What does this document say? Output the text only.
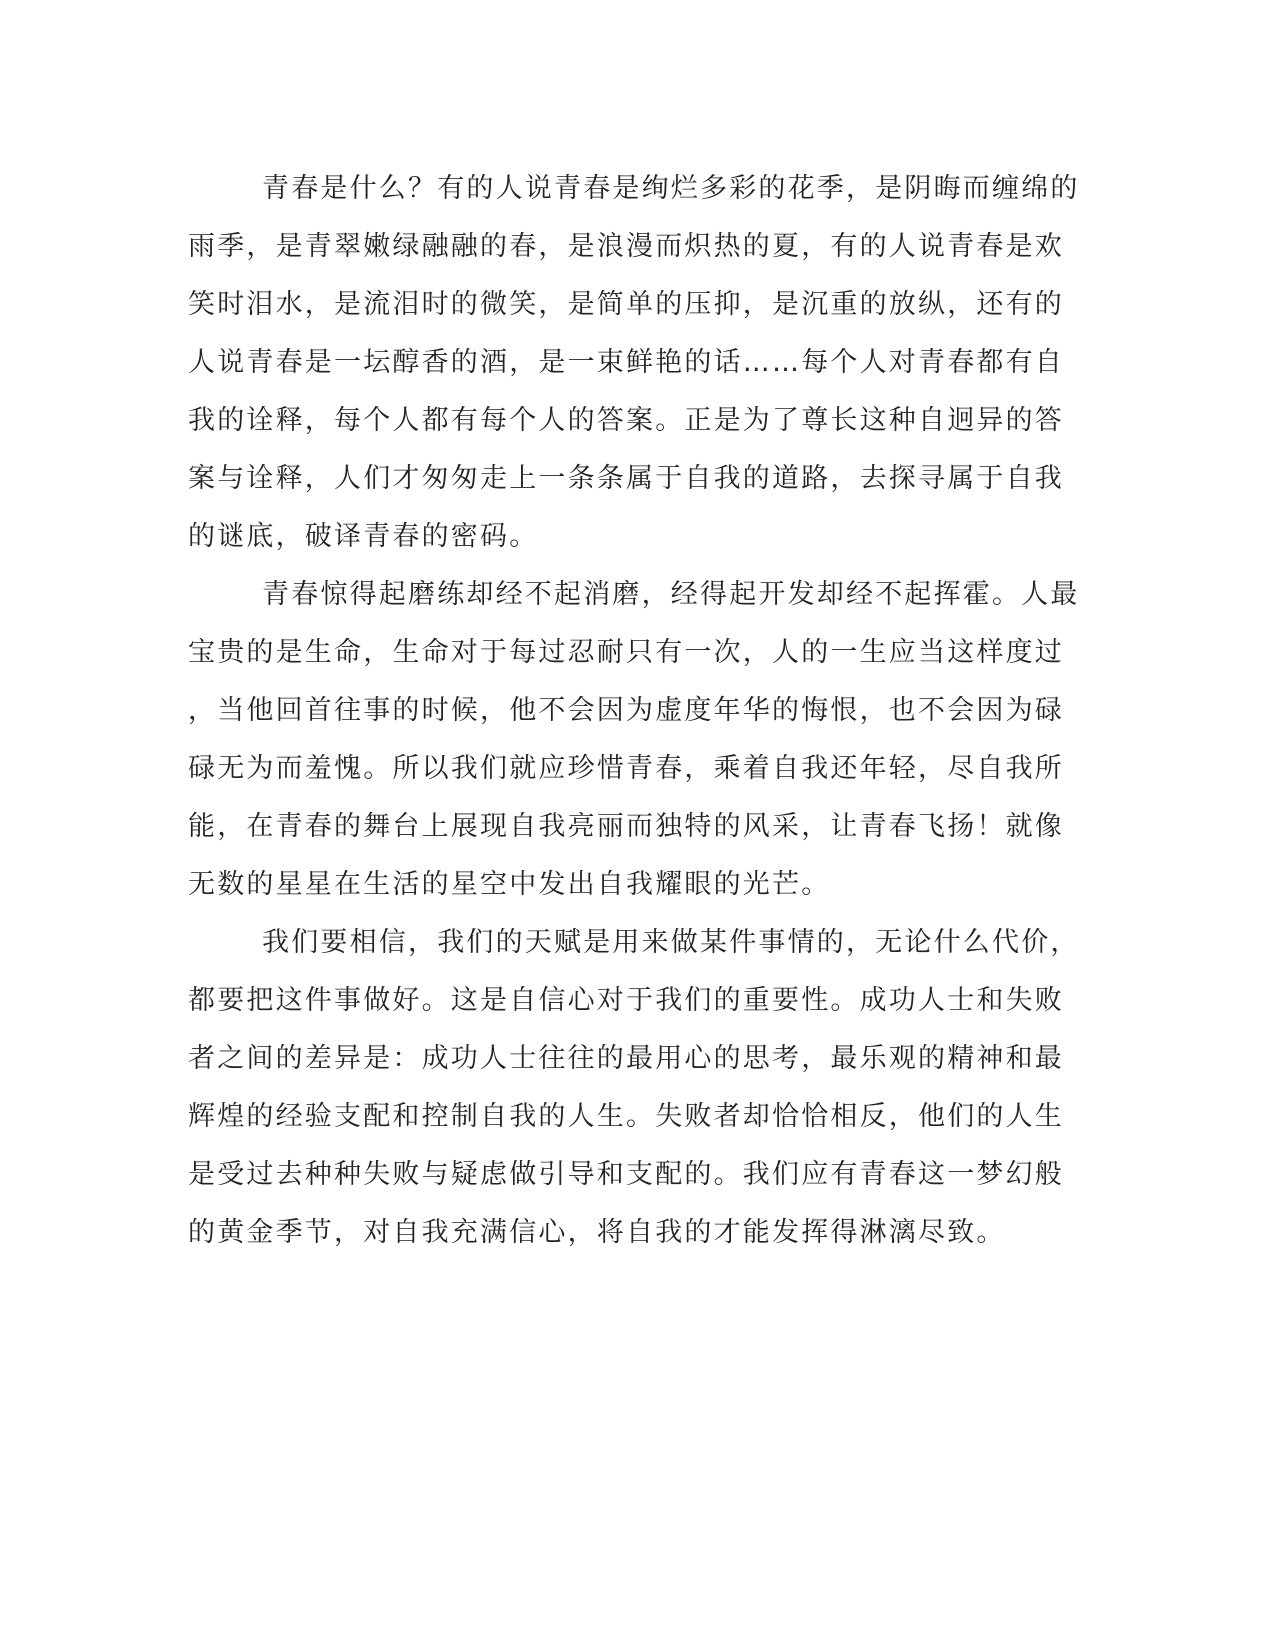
青春是什么？有的人说青春是绚烂多彩的花季，是阴晦而缠绵的
雨季，是青翠嫩绿融融的春，是浪漫而炽热的夏，有的人说青春是欢
笑时泪水，是流泪时的微笑，是简单的压抑，是沉重的放纵，还有的
人说青春是一坛醇香的酒，是一束鲜艳的话……每个人对青春都有自
我的诠释，每个人都有每个人的答案。正是为了尊长这种自迥异的答
案与诠释，人们才匆匆走上一条条属于自我的道路，去探寻属于自我
的谜底，破译青春的密码。
青春惊得起磨练却经不起消磨，经得起开发却经不起挥霍。人最
宝贵的是生命，生命对于每过忍耐只有一次，人的一生应当这样度过
，当他回首往事的时候，他不会因为虚度年华的悔恨，也不会因为碌
碌无为而羞愧。所以我们就应珍惜青春，乘着自我还年轻，尽自我所
能，在青春的舞台上展现自我亮丽而独特的风采，让青春飞扬！就像
无数的星星在生活的星空中发出自我耀眼的光芒。
我们要相信，我们的天赋是用来做某件事情的，无论什么代价，
都要把这件事做好。这是自信心对于我们的重要性。成功人士和失败
者之间的差异是：成功人士往往的最用心的思考，最乐观的精神和最
辉煌的经验支配和控制自我的人生。失败者却恰恰相反，他们的人生
是受过去种种失败与疑虑做引导和支配的。我们应有青春这一梦幻般
的黄金季节，对自我充满信心，将自我的才能发挥得淋漓尽致。
